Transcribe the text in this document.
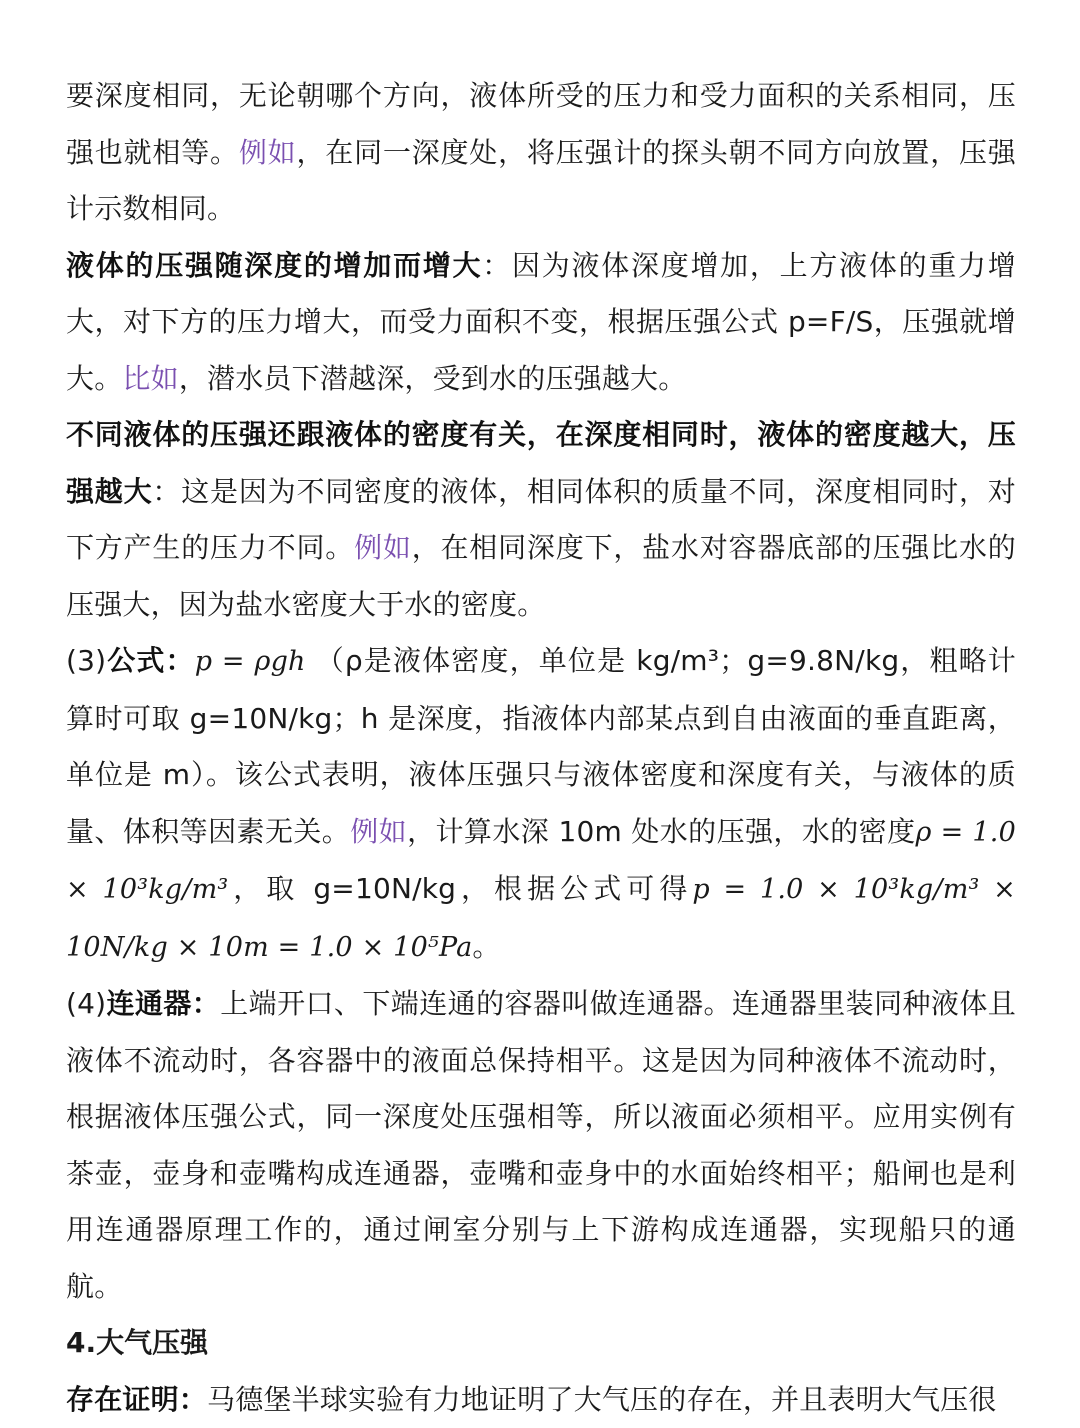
要深度相同，无论朝哪个方向，液体所受的压力和受力面积的关系相同，压强也就相等。例如，在同一深度处，将压强计的探头朝不同方向放置，压强计示数相同。

液体的压强随深度的增加而增大：因为液体深度增加，上方液体的重力增大，对下方的压力增大，而受力面积不变，根据压强公式 p=F/S，压强就增大。比如，潜水员下潜越深，受到水的压强越大。

不同液体的压强还跟液体的密度有关，在深度相同时，液体的密度越大，压强越大：这是因为不同密度的液体，相同体积的质量不同，深度相同时，对下方产生的压力不同。例如，在相同深度下，盐水对容器底部的压强比水的压强大，因为盐水密度大于水的密度。

(3)公式：p = ρgℎ （ρ是液体密度，单位是 kg/m³；g=9.8N/kg，粗略计算时可取 g=10N/kg；h 是深度，指液体内部某点到自由液面的垂直距离，单位是 m）。该公式表明，液体压强只与液体密度和深度有关，与液体的质量、体积等因素无关。例如，计算水深 10m 处水的压强，水的密度ρ = 1.0 × 10³kg/m³，取 g=10N/kg，根据公式可得p = 1.0 × 10³kg/m³ × 10N/kg × 10m = 1.0 × 10⁵Pa。

(4)连通器：上端开口、下端连通的容器叫做连通器。连通器里装同种液体且液体不流动时，各容器中的液面总保持相平。这是因为同种液体不流动时，根据液体压强公式，同一深度处压强相等，所以液面必须相平。应用实例有茶壶，壶身和壶嘴构成连通器，壶嘴和壶身中的水面始终相平；船闸也是利用连通器原理工作的，通过闸室分别与上下游构成连通器，实现船只的通航。

4.大气压强

存在证明：马德堡半球实验有力地证明了大气压的存在，并且表明大气压很
